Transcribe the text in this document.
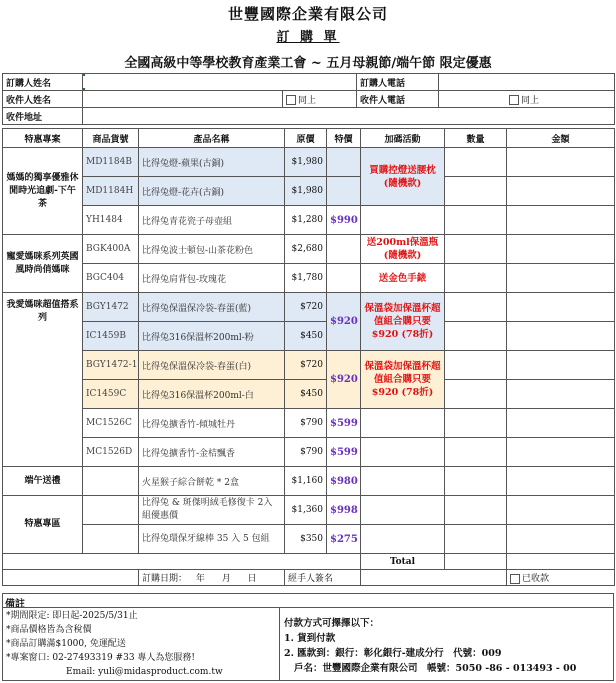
世豐國際企業有限公司
訂 購 單
全國高級中等學校教育產業工會 ~ 五月母親節/端午節 限定優惠
訂購人姓名			訂購人電話	
收件人姓名		同上	收件人電話	同上
收件地址				
特惠專案	商品貨號	產品名稱	原價	特價	加碼活動	數量	金額
媽媽的獨享優雅休閒時光追劇-下午茶	MD1184B	比得兔燈-蘋果(古銅)	$1,980		買購控燈送腰枕(隨機款)		
	MD1184H	比得兔燈-花卉(古銅)	$1,980				
	YH1484	比得兔青花瓷子母壺組	$1,280	$990			
寵愛媽咪系列英國風時尚俏媽咪	BGK400A	比得兔波士頓包-山茶花粉色	$2,680		送200ml保溫瓶(隨機款)		
	BGC404	比得兔肩背包-玫瑰花	$1,780		送金色手錶		
我愛媽咪超值搭系列	BGY1472	比得兔保溫保冷袋-春蛋(藍)	$720	$920	保溫袋加保溫杯超值組合購只要 $920 (78折)		
	IC1459B	比得兔316保溫杯200ml-粉	$450				
	BGY1472-1	比得兔保溫保冷袋-春蛋(白)	$720	$920	保溫袋加保溫杯超值組合購只要 $920 (78折)		
	IC1459C	比得兔316保溫杯200ml-白	$450				
	MC1526C	比得兔擴香竹-傾城牡丹	$790	$599			
	MC1526D	比得兔擴香竹-金桔飄香	$790	$599			
端午送禮		火星猴子綜合餅乾 * 2盒	$1,160	$980			
特惠專區		比得兔 & 斑傑明絨毛修復卡 2入組優惠價	$1,360	$998			
		比得兔環保牙線棒 35 入 5 包組	$350	$275			
					Total		
		訂購日期： 年 月 日	經手人簽名				已收款
備註
*期間限定: 即日起-2025/5/31止
*商品價格皆為含稅價
*商品訂購滿$1000, 免運配送
*專案窗口: 02-27493319 #33 專人為您服務!
Email: yuli@midasproduct.com.tw
付款方式可擇擇以下：
1. 貨到付款
2. 匯款到：銀行：彰化銀行-建成分行　代號：009
戶名：世豐國際企業有限公司　帳號：5050 -86 - 013493 - 00
